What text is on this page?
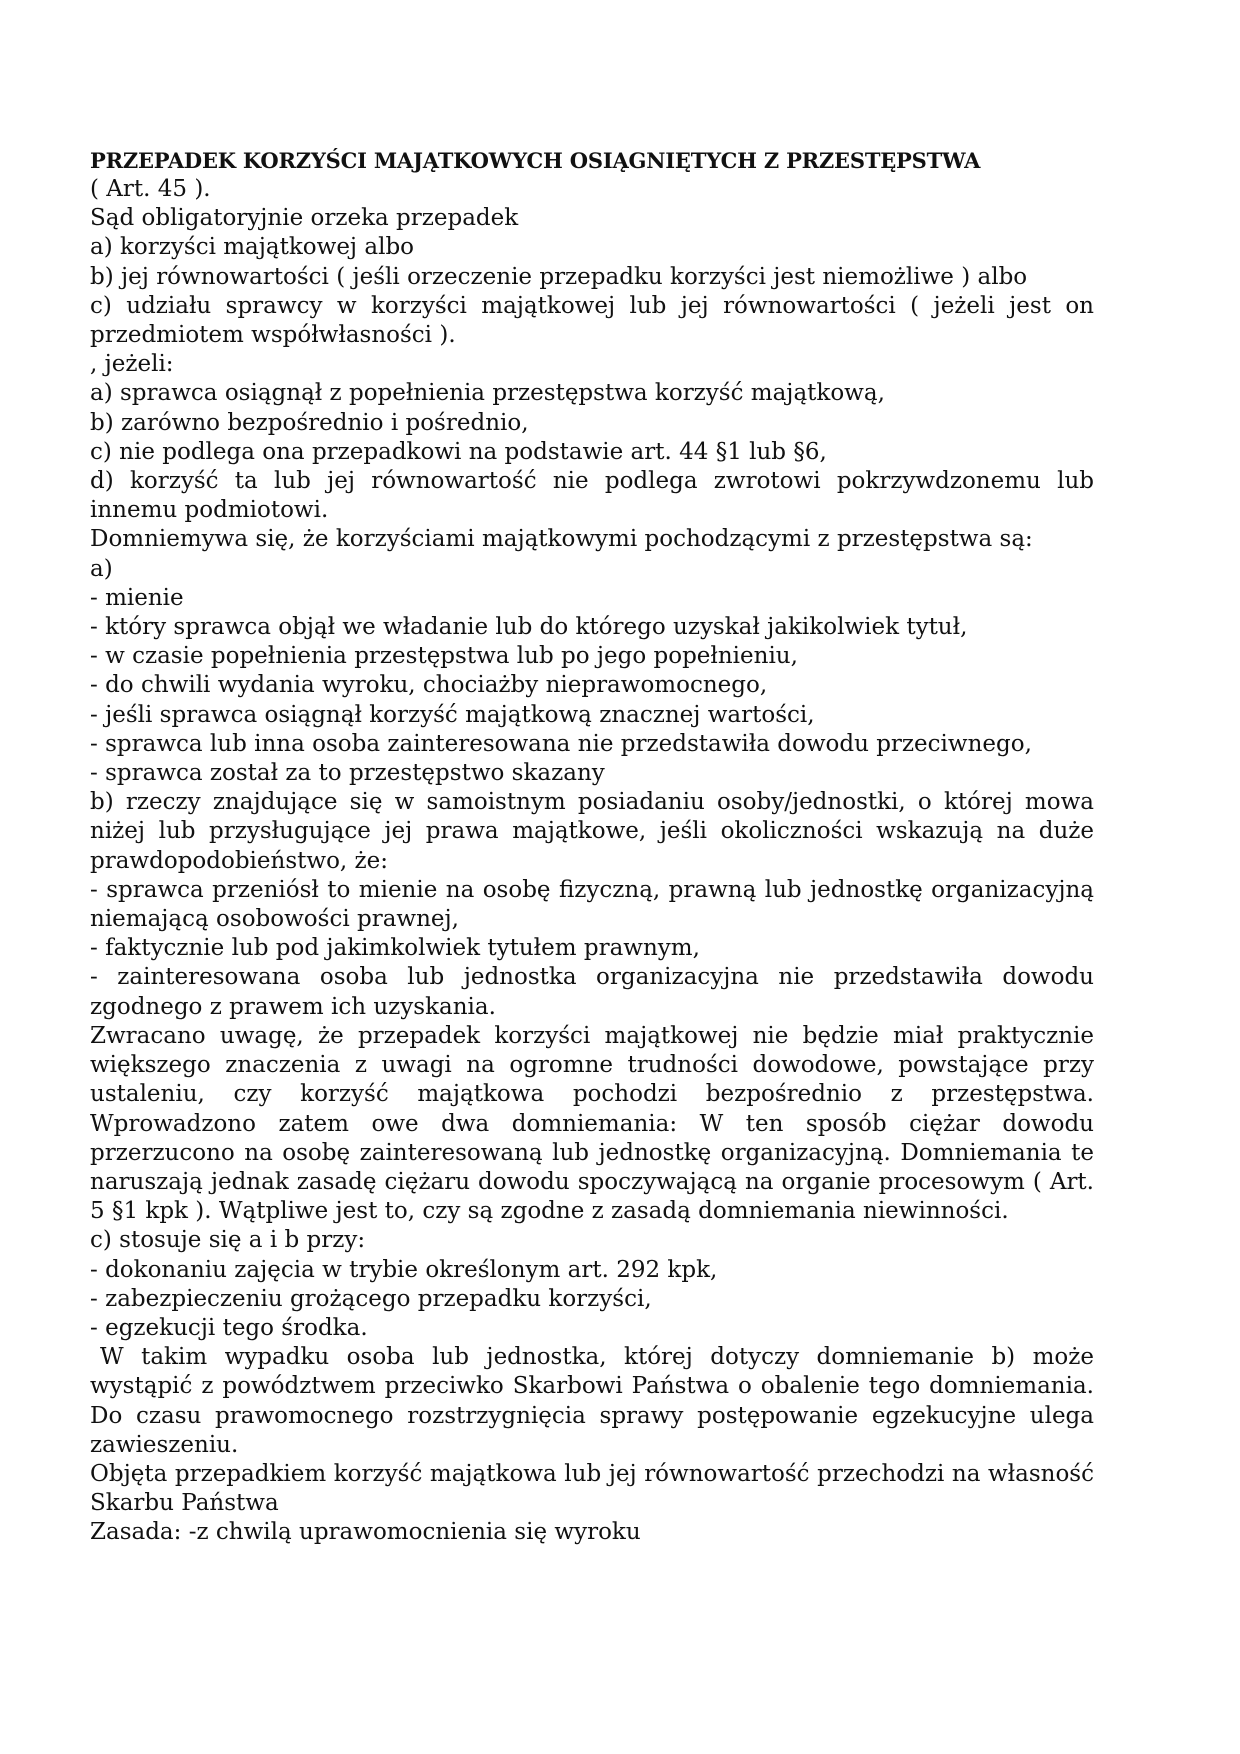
PRZEPADEK KORZYŚCI MAJĄTKOWYCH OSIĄGNIĘTYCH Z PRZESTĘPSTWA
( Art. 45 ).
Sąd obligatoryjnie orzeka przepadek
a) korzyści majątkowej albo
b) jej równowartości ( jeśli orzeczenie przepadku korzyści jest niemożliwe ) albo
c) udziału sprawcy w korzyści majątkowej lub jej równowartości ( jeżeli jest on przedmiotem współwłasności ).
, jeżeli:
a) sprawca osiągnął z popełnienia przestępstwa korzyść majątkową,
b) zarówno bezpośrednio i pośrednio,
c) nie podlega ona przepadkowi na podstawie art. 44 §1 lub §6,
d) korzyść ta lub jej równowartość nie podlega zwrotowi pokrzywdzonemu lub innemu podmiotowi.
Domniemywa się, że korzyściami majątkowymi pochodzącymi z przestępstwa są:
a)
- mienie
- który sprawca objął we władanie lub do którego uzyskał jakikolwiek tytuł,
- w czasie popełnienia przestępstwa lub po jego popełnieniu,
- do chwili wydania wyroku, chociażby nieprawomocnego,
- jeśli sprawca osiągnął korzyść majątkową znacznej wartości,
- sprawca lub inna osoba zainteresowana nie przedstawiła dowodu przeciwnego,
- sprawca został za to przestępstwo skazany
b) rzeczy znajdujące się w samoistnym posiadaniu osoby/jednostki, o której mowa niżej lub przysługujące jej prawa majątkowe, jeśli okoliczności wskazują na duże prawdopodobieństwo, że:
- sprawca przeniósł to mienie na osobę fizyczną, prawną lub jednostkę organizacyjną niemającą osobowości prawnej,
- faktycznie lub pod jakimkolwiek tytułem prawnym,
- zainteresowana osoba lub jednostka organizacyjna nie przedstawiła dowodu zgodnego z prawem ich uzyskania.
Zwracano uwagę, że przepadek korzyści majątkowej nie będzie miał praktycznie większego znaczenia z uwagi na ogromne trudności dowodowe, powstające przy ustaleniu, czy korzyść majątkowa pochodzi bezpośrednio z przestępstwa. Wprowadzono zatem owe dwa domniemania: W ten sposób ciężar dowodu przerzucono na osobę zainteresowaną lub jednostkę organizacyjną. Domniemania te naruszają jednak zasadę ciężaru dowodu spoczywającą na organie procesowym ( Art. 5 §1 kpk ). Wątpliwe jest to, czy są zgodne z zasadą domniemania niewinności.
c) stosuje się a i b przy:
- dokonaniu zajęcia w trybie określonym art. 292 kpk,
- zabezpieczeniu grożącego przepadku korzyści,
- egzekucji tego środka.
W takim wypadku osoba lub jednostka, której dotyczy domniemanie b) może wystąpić z powództwem przeciwko Skarbowi Państwa o obalenie tego domniemania. Do czasu prawomocnego rozstrzygnięcia sprawy postępowanie egzekucyjne ulega zawieszeniu.
Objęta przepadkiem korzyść majątkowa lub jej równowartość przechodzi na własność Skarbu Państwa
Zasada: -z chwilą uprawomocnienia się wyroku
